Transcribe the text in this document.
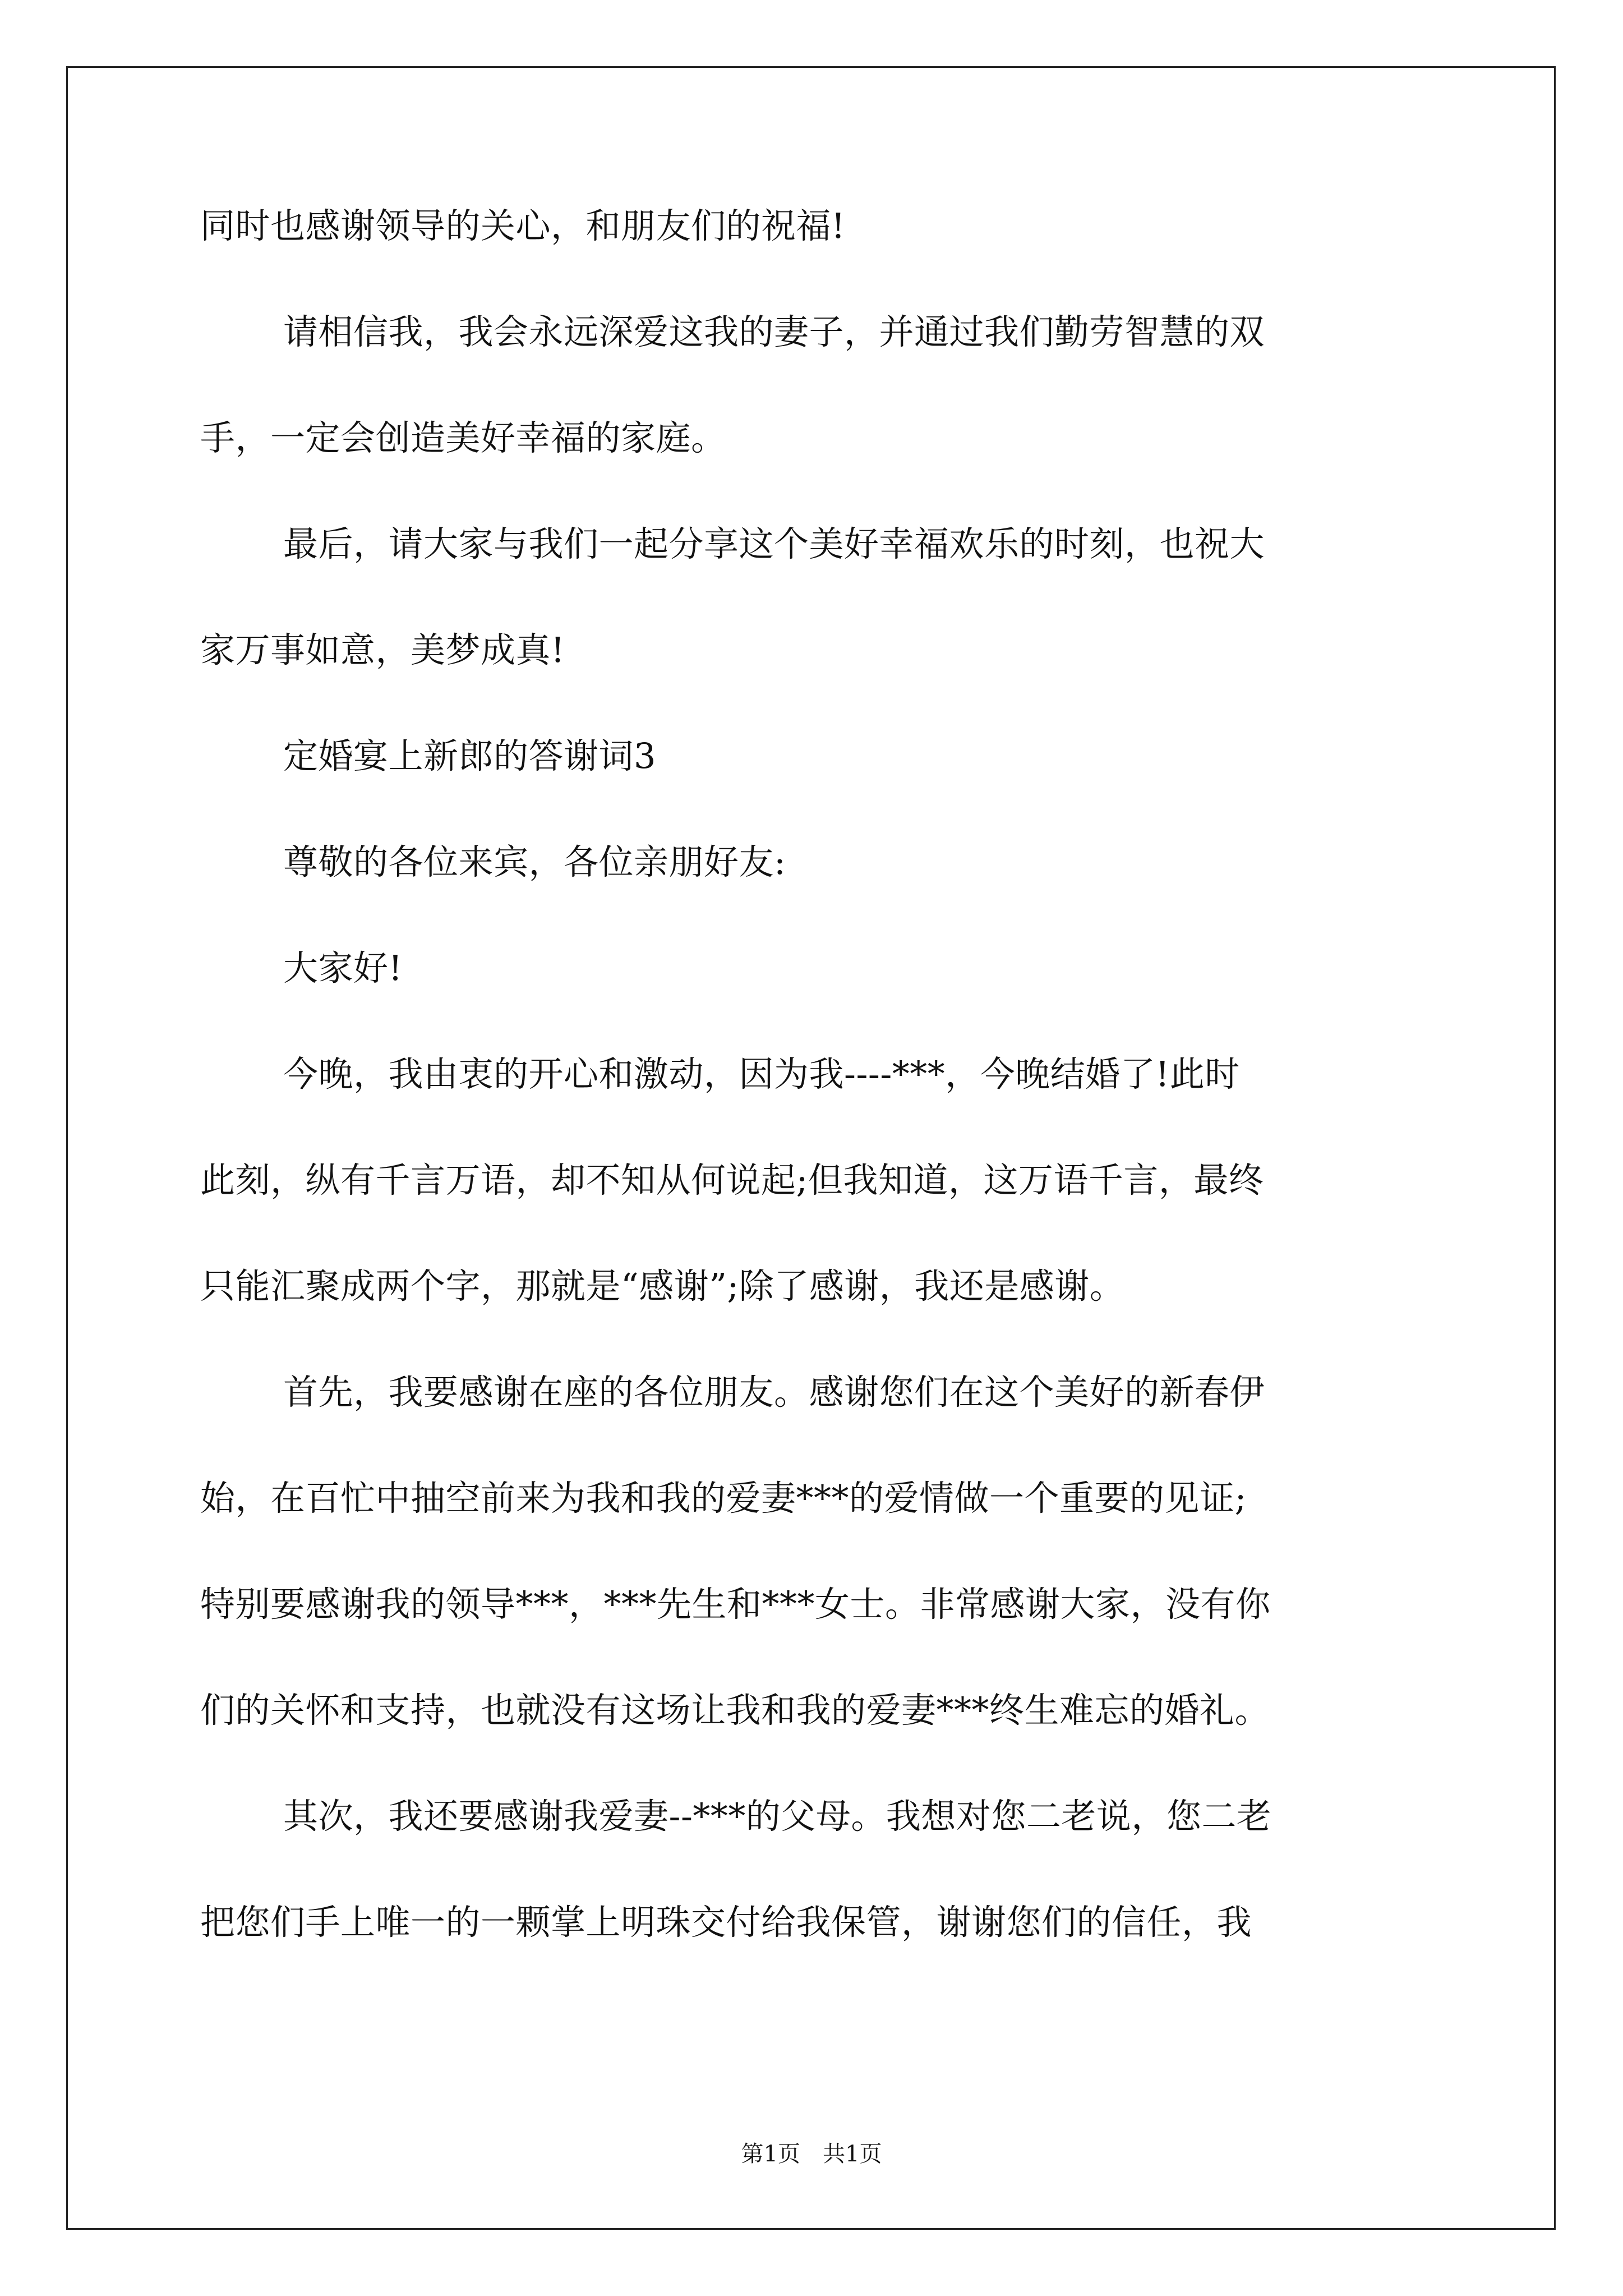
同时也感谢领导的关心，和朋友们的祝福!
请相信我，我会永远深爱这我的妻子，并通过我们勤劳智慧的双
手，一定会创造美好幸福的家庭。
最后，请大家与我们一起分享这个美好幸福欢乐的时刻，也祝大
家万事如意，美梦成真!
定婚宴上新郎的答谢词3
尊敬的各位来宾，各位亲朋好友:
大家好!
今晚，我由衷的开心和激动，因为我----***，今晚结婚了!此时
此刻，纵有千言万语，却不知从何说起;但我知道，这万语千言，最终
只能汇聚成两个字，那就是“感谢”;除了感谢，我还是感谢。
首先，我要感谢在座的各位朋友。感谢您们在这个美好的新春伊
始，在百忙中抽空前来为我和我的爱妻***的爱情做一个重要的见证;
特别要感谢我的领导***，***先生和***女士。非常感谢大家，没有你
们的关怀和支持，也就没有这场让我和我的爱妻***终生难忘的婚礼。
其次，我还要感谢我爱妻--***的父母。我想对您二老说，您二老
把您们手上唯一的一颗掌上明珠交付给我保管，谢谢您们的信任，我
第1页　共1页
